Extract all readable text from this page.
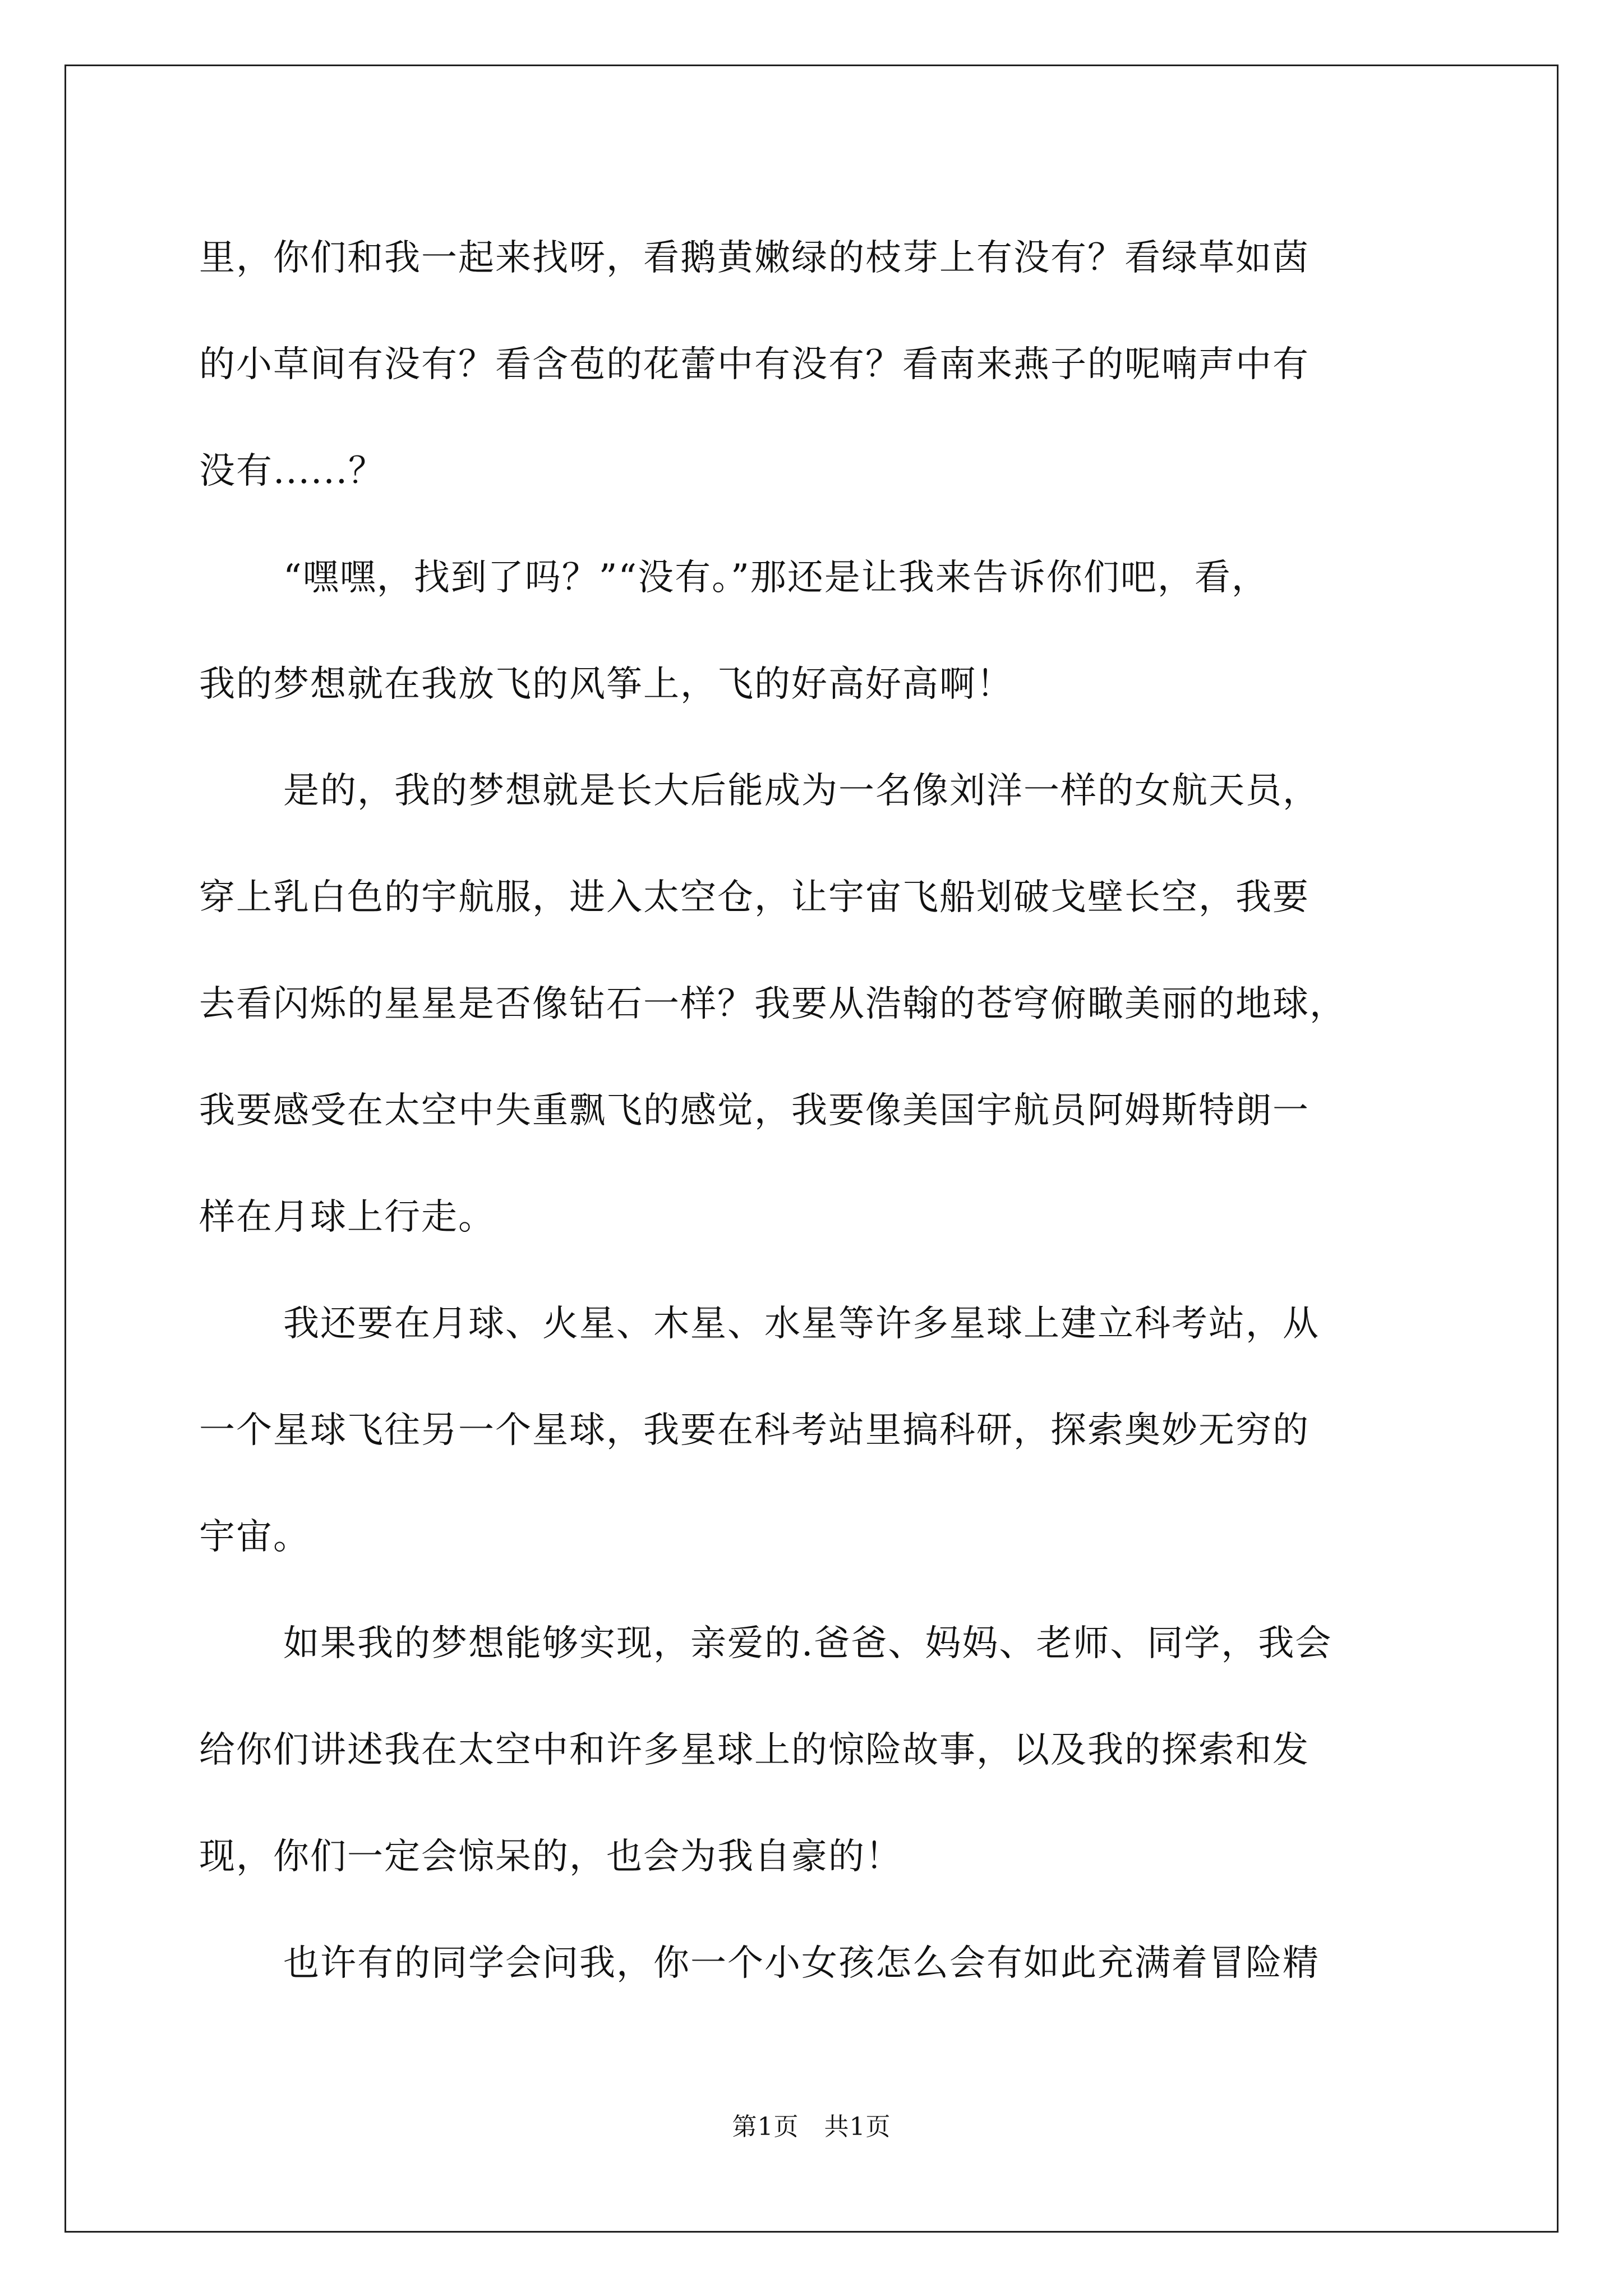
里，你们和我一起来找呀，看鹅黄嫩绿的枝芽上有没有？看绿草如茵
的小草间有没有？看含苞的花蕾中有没有？看南来燕子的呢喃声中有
没有......？
“嘿嘿，找到了吗？”“没有。”那还是让我来告诉你们吧，看，
我的梦想就在我放飞的风筝上，飞的好高好高啊！
是的，我的梦想就是长大后能成为一名像刘洋一样的女航天员，
穿上乳白色的宇航服，进入太空仓，让宇宙飞船划破戈壁长空，我要
去看闪烁的星星是否像钻石一样？我要从浩翰的苍穹俯瞰美丽的地球，
我要感受在太空中失重飘飞的感觉，我要像美国宇航员阿姆斯特朗一
样在月球上行走。
我还要在月球、火星、木星、水星等许多星球上建立科考站，从
一个星球飞往另一个星球，我要在科考站里搞科研，探索奥妙无穷的
宇宙。
如果我的梦想能够实现，亲爱的.爸爸、妈妈、老师、同学，我会
给你们讲述我在太空中和许多星球上的惊险故事，以及我的探索和发
现，你们一定会惊呆的，也会为我自豪的！
也许有的同学会问我，你一个小女孩怎么会有如此充满着冒险精
第1页　共1页
